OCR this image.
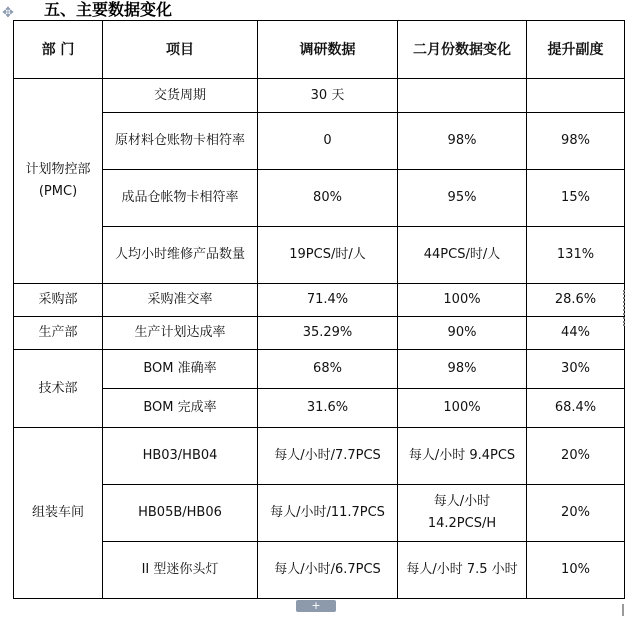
✥ 五、主要数据变化
部 门	项目	调研数据	二月份数据变化	提升副度
计划物控部(PMC)	交货周期	30 天		
	原材料仓账物卡相符率	0	98%	98%
	成品仓帐物卡相符率	80%	95%	15%
	人均小时维修产品数量	19PCS/时/人	44PCS/时/人	131%
采购部	采购准交率	71.4%	100%	28.6%
生产部	生产计划达成率	35.29%	90%	44%
技术部	BOM 准确率	68%	98%	30%
	BOM 完成率	31.6%	100%	68.4%
组装车间	HB03/HB04	每人/小时/7.7PCS	每人/小时 9.4PCS	20%
	HB05B/HB06	每人/小时/11.7PCS	每人/小时 14.2PCS/H	20%
	II 型迷你头灯	每人/小时/6.7PCS	每人/小时 7.5 小时	10%
+
